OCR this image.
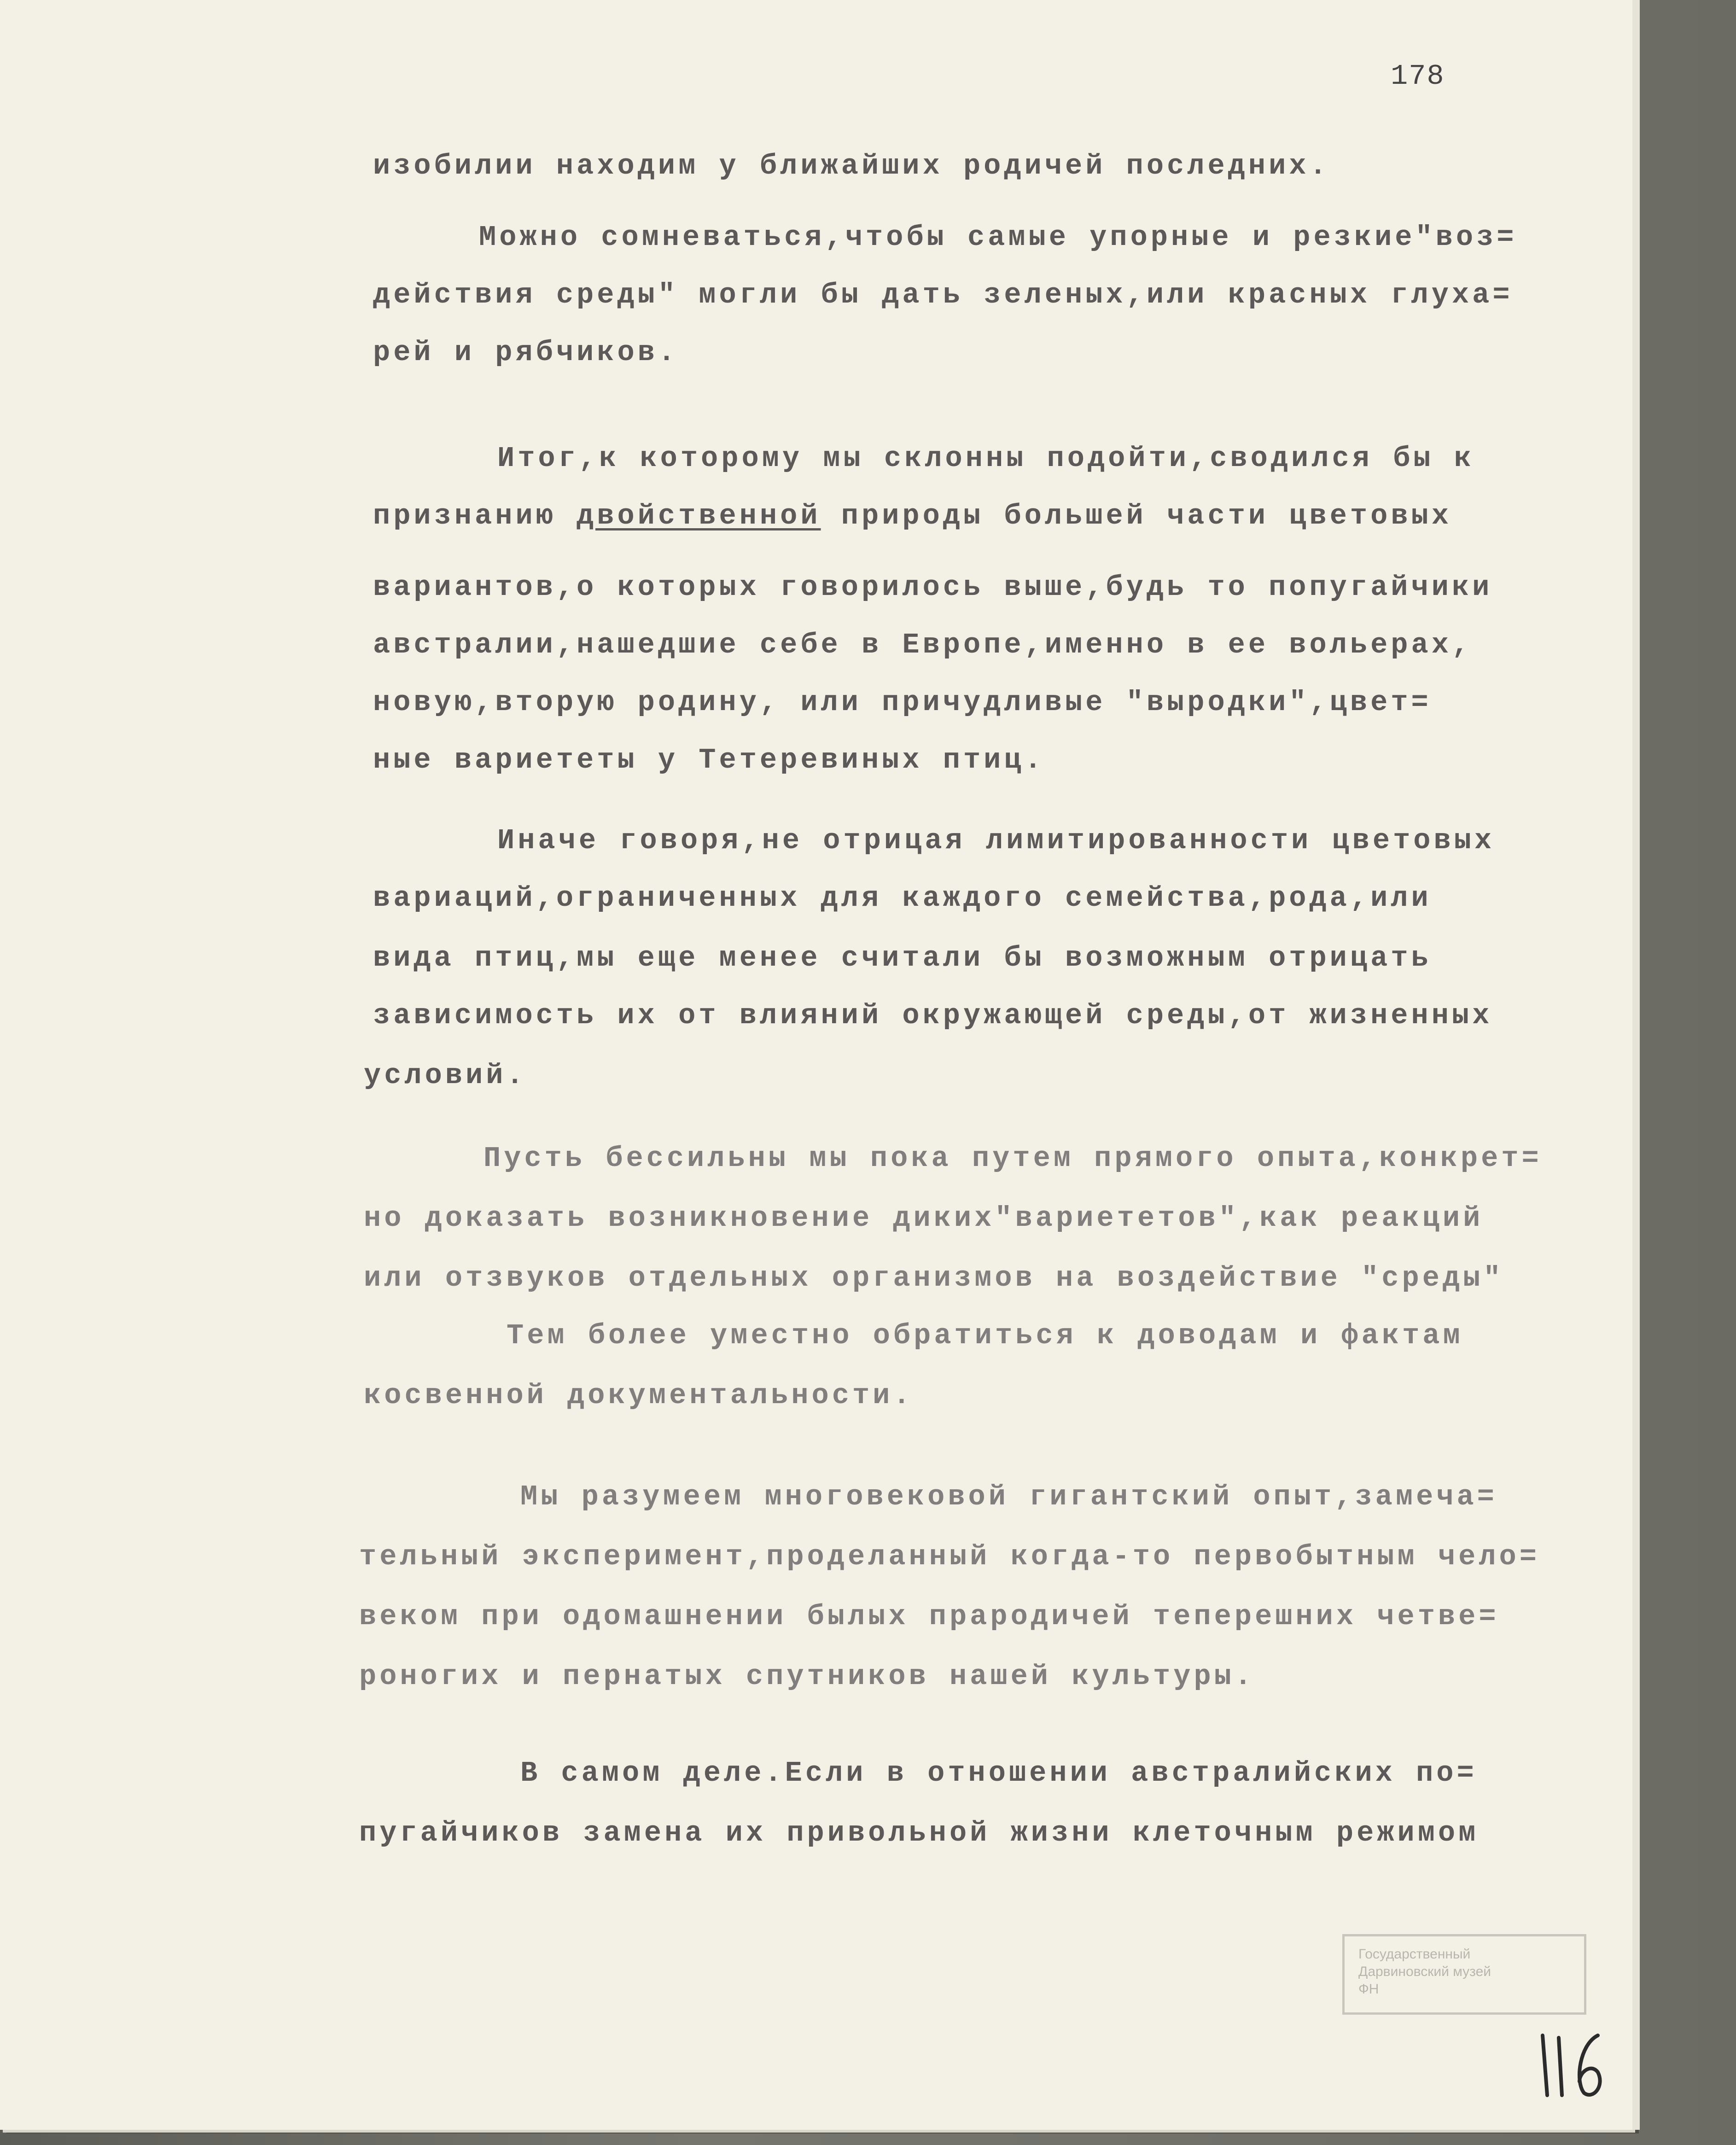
178
изобилии находим у ближайших родичей последних.
Можно сомневаться,чтобы самые упорные и резкие"воз=
действия среды" могли бы дать зеленых,или красных глуха=
рей и рябчиков.
Итог,к которому мы склонны подойти,сводился бы к
признанию двойственной природы большей части цветовых
вариантов,о которых говорилось выше,будь то попугайчики
австралии,нашедшие себе в Европе,именно в ее вольерах,
новую,вторую родину, или причудливые "выродки",цвет=
ные вариететы у Тетеревиных птиц.
Иначе говоря,не отрицая лимитированности цветовых
вариаций,ограниченных для каждого семейства,рода,или
вида птиц,мы еще менее считали бы возможным отрицать
зависимость их от влияний окружающей среды,от жизненных
условий.
Пусть бессильны мы пока путем прямого опыта,конкрет=
но доказать возникновение диких"вариететов",как реакций
или отзвуков отдельных организмов на воздействие "среды"
Тем более уместно обратиться к доводам и фактам
косвенной документальности.
Мы разумеем многовековой гигантский опыт,замеча=
тельный эксперимент,проделанный когда-то первобытным чело=
веком при одомашнении былых прародичей теперешних четве=
роногих и пернатых спутников нашей культуры.
В самом деле.Если в отношении австралийских по=
пугайчиков замена их привольной жизни клеточным режимом
Государственный
Дарвиновский музей
ФН
